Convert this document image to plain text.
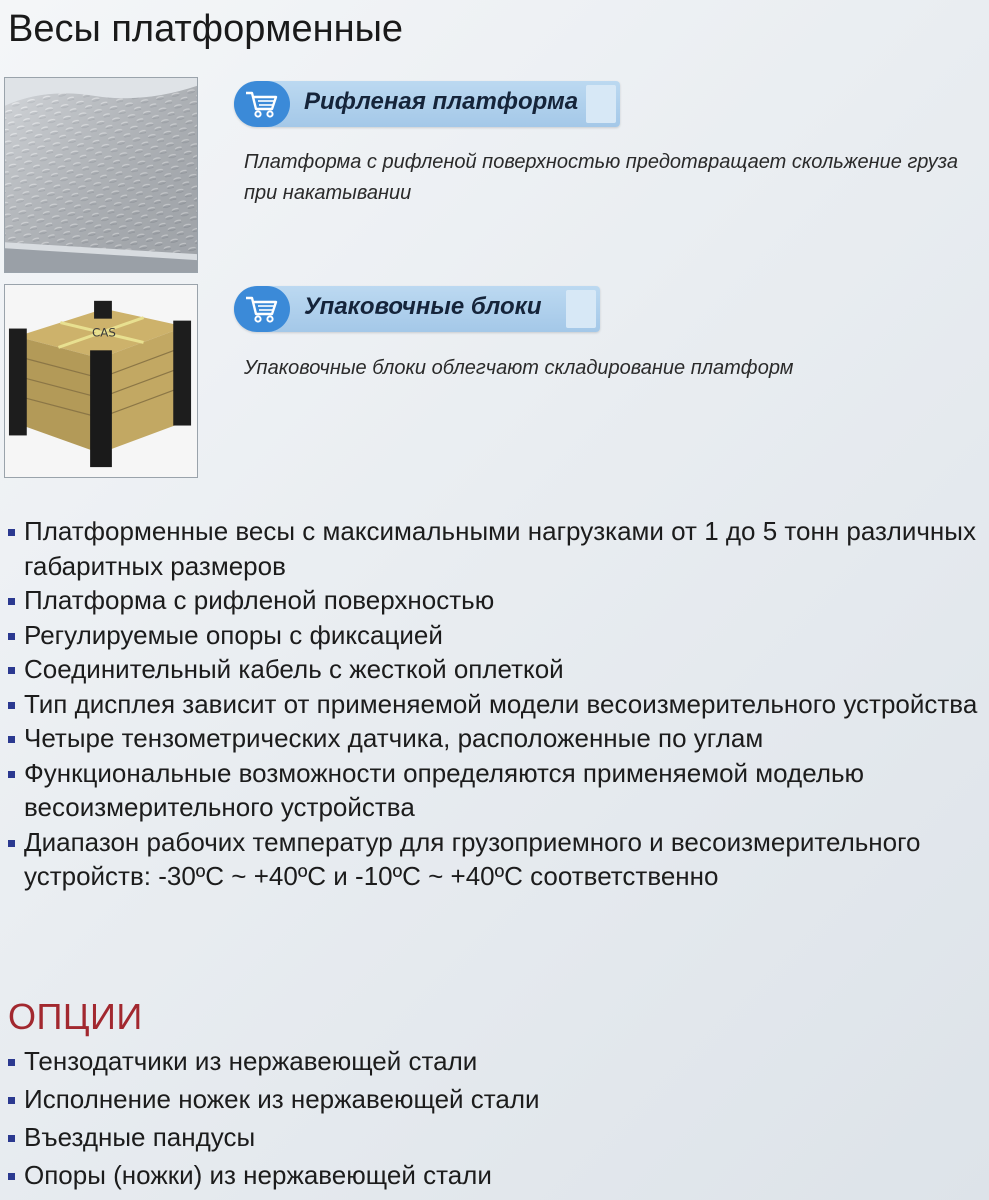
Весы платформенные
CAS
Рифленая платформа

Платформа с рифленой поверхностью предотвращает скольжение груза при накатывании

Упаковочные блоки

Упаковочные блоки облегчают складирование платформ

Платформенные весы с максимальными нагрузками от 1 до 5 тонн различных габаритных размеров
Платформа с рифленой поверхностью
Регулируемые опоры с фиксацией
Соединительный кабель с жесткой оплеткой
Тип дисплея зависит от применяемой модели весоизмерительного устройства
Четыре тензометрических датчика, расположенные по углам
Функциональные возможности определяются применяемой моделью весоизмерительного устройства
Диапазон рабочих температур для грузоприемного и весоизмерительного устройств: -30ºC ~ +40ºC и -10ºC ~ +40ºC соответственно
ОПЦИИ
Тензодатчики из нержавеющей стали
Исполнение ножек из нержавеющей стали
Въездные пандусы
Опоры (ножки) из нержавеющей стали
